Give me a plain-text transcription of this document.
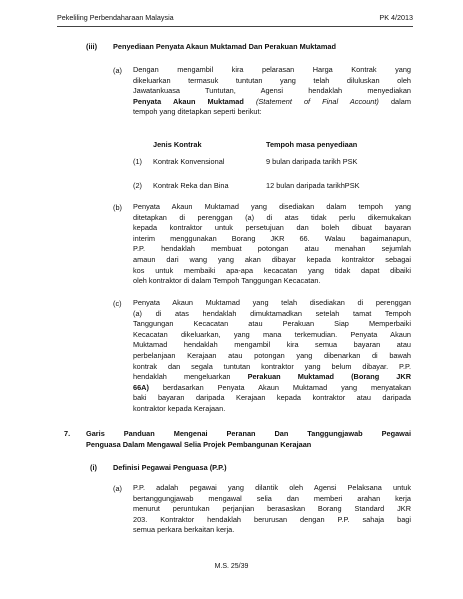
Pekeliling Perbendaharaan Malaysia	PK 4/2013
(iii) Penyediaan Penyata Akaun Muktamad Dan Perakuan Muktamad
(a) Dengan mengambil kira pelarasan Harga Kontrak yang
dikeluarkan termasuk tuntutan yang telah diluluskan oleh
Jawatankuasa Tuntutan, Agensi hendaklah menyediakan
Penyata Akaun Muktamad (Statement of Final Account) dalam
tempoh yang ditetapkan seperti berikut:
Jenis Kontrak	Tempoh masa penyediaan
(1) Kontrak Konvensional	9 bulan daripada tarikh PSK
(2) Kontrak Reka dan Bina	12 bulan daripada tarikhPSK
(b) Penyata Akaun Muktamad yang disediakan dalam tempoh yang
ditetapkan di perenggan (a) di atas tidak perlu dikemukakan
kepada kontraktor untuk persetujuan dan boleh dibuat bayaran
interim menggunakan Borang JKR 66. Walau bagaimanapun,
P.P. hendaklah membuat potongan atau menahan sejumlah
amaun dari wang yang akan dibayar kepada kontraktor sebagai
kos untuk membaiki apa-apa kecacatan yang tidak dapat dibaiki
oleh kontraktor di dalam Tempoh Tanggungan Kecacatan.
(c) Penyata Akaun Muktamad yang telah disediakan di perenggan
(a) di atas hendaklah dimuktamadkan setelah tamat Tempoh
Tanggungan Kecacatan atau Perakuan Siap Memperbaiki
Kecacatan dikeluarkan, yang mana terkemudian. Penyata Akaun
Muktamad hendaklah mengambil kira semua bayaran atau
perbelanjaan Kerajaan atau potongan yang dibenarkan di bawah
kontrak dan segala tuntutan kontraktor yang belum dibayar. P.P.
hendaklah mengeluarkan Perakuan Muktamad (Borang JKR
66A) berdasarkan Penyata Akaun Muktamad yang menyatakan
baki bayaran daripada Kerajaan kepada kontraktor atau daripada
kontraktor kepada Kerajaan.
7. Garis Panduan Mengenai Peranan Dan Tanggungjawab Pegawai
Penguasa Dalam Mengawal Selia Projek Pembangunan Kerajaan
(i) Definisi Pegawai Penguasa (P.P.)
(a) P.P. adalah pegawai yang dilantik oleh Agensi Pelaksana untuk
bertanggungjawab mengawal selia dan memberi arahan kerja
menurut peruntukan perjanjian berasaskan Borang Standard JKR
203. Kontraktor hendaklah berurusan dengan P.P. sahaja bagi
semua perkara berkaitan kerja.
M.S. 25/39
